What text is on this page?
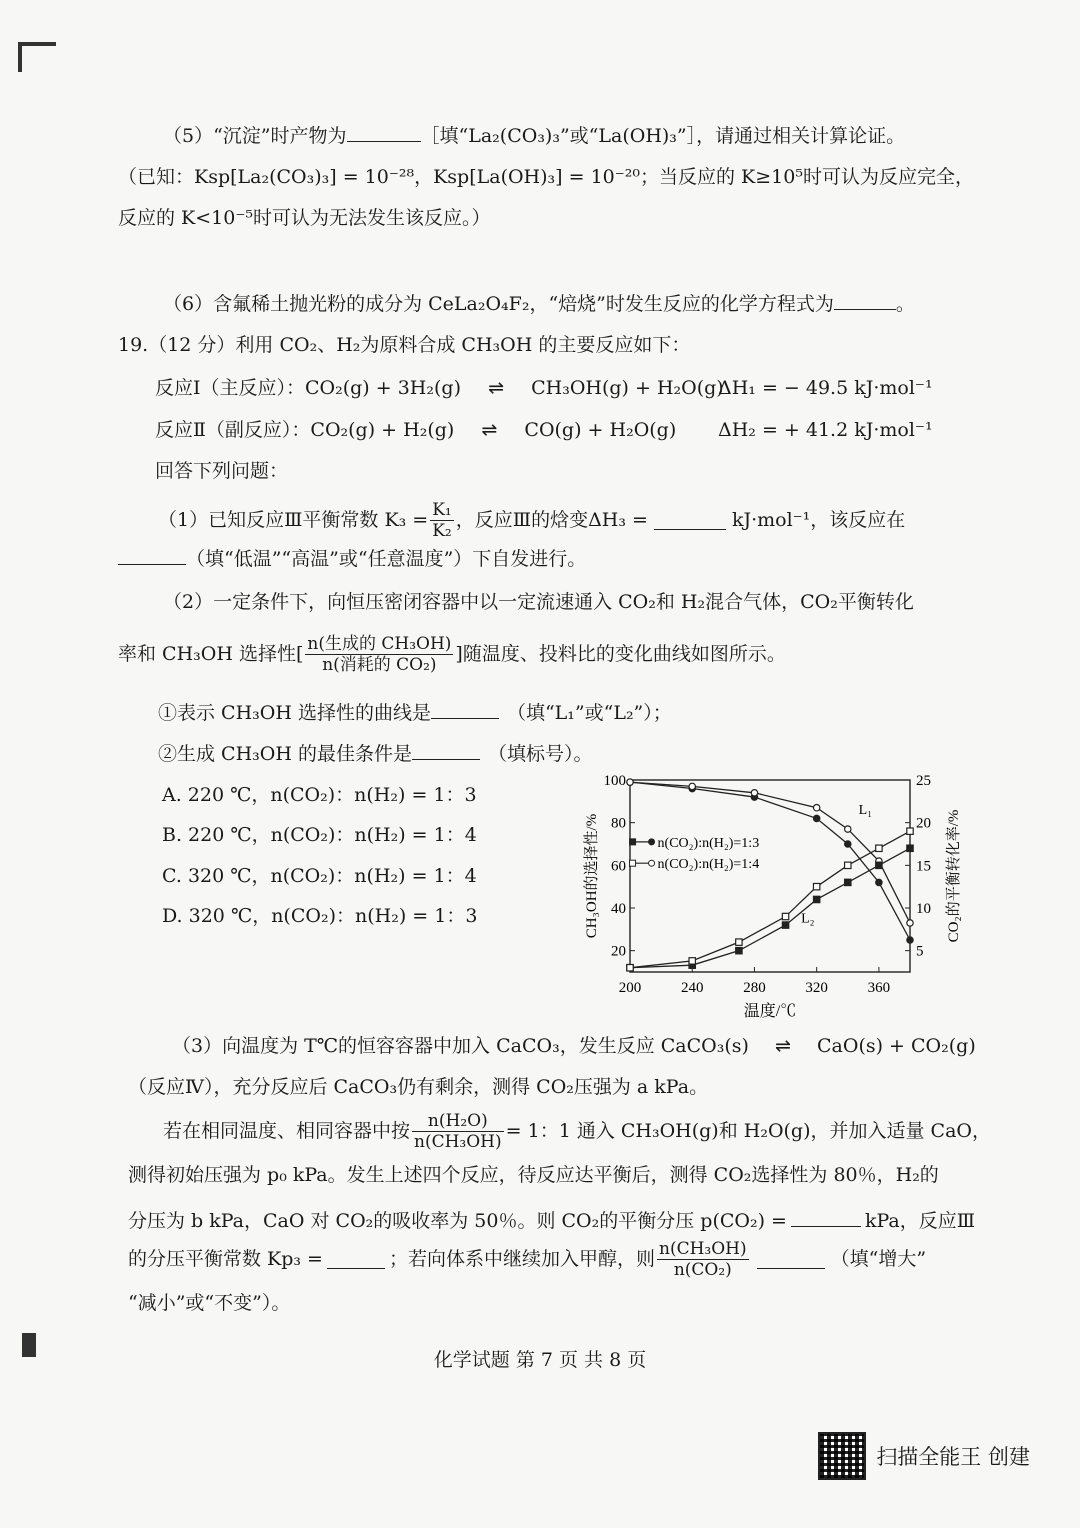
（5）“沉淀”时产物为	［填“La₂(CO₃)₃”或“La(OH)₃”］，请通过相关计算论证。
（已知：Ksp[La₂(CO₃)₃] = 10⁻²⁸，Ksp[La(OH)₃] = 10⁻²⁰；当反应的 K≥10⁵时可认为反应完全，
反应的 K<10⁻⁵时可认为无法发生该反应。）
（6）含氟稀土抛光粉的成分为 CeLa₂O₄F₂，“焙烧”时发生反应的化学方程式为	。
19.（12 分）利用 CO₂、H₂为原料合成 CH₃OH 的主要反应如下：
反应Ⅰ（主反应）：CO₂(g) + 3H₂(g) ⇌ CH₃OH(g) + H₂O(g)
ΔH₁ = − 49.5 kJ·mol⁻¹
反应Ⅱ（副反应）：CO₂(g) + H₂(g) ⇌ CO(g) + H₂O(g) ΔH₂ = + 41.2 kJ·mol⁻¹
回答下列问题：
（1）已知反应Ⅲ平衡常数 $K_3 = \frac{\text{K₁}}{\text{K₂}}$ ，反应Ⅲ的焓变ΔH₃ =	kJ·mol⁻¹，该反应在
（填“低温”“高温”或“任意温度”）下自发进行。
（2）一定条件下，向恒压密闭容器中以一定流速通入 CO₂和 H₂混合气体，CO₂平衡转化
率和 CH₃OH 选择性[ $\frac{\text{n(生成的 CH₃OH)}}{\text{n(消耗的 CO₂)}}$ ]随温度、投料比的变化曲线如图所示。
①表示 CH₃OH 选择性的曲线是	（填“L₁”或“L₂”）；
②生成 CH₃OH 的最佳条件是	（填标号）。
A. 220 ℃，n(CO₂)：n(H₂) = 1：3
B. 220 ℃，n(CO₂)：n(H₂) = 1：4
C. 320 ℃，n(CO₂)：n(H₂) = 1：4
D. 320 ℃，n(CO₂)：n(H₂) = 1：3
200	240	280	320	360
20
40
60
80
100
5
10
15
20
25
温度/℃
CH₃OH的选择性/%	CO₂的平衡转化率/%
L₁
L₂
n(CO₂):n(H₂)=1:3
n(CO₂):n(H₂)=1:4
（3）向温度为 T℃的恒容容器中加入 CaCO₃，发生反应 CaCO₃(s) ⇌ CaO(s) + CO₂(g)
（反应Ⅳ），充分反应后 CaCO₃仍有剩余，测得 CO₂压强为 a kPa。
若在相同温度、相同容器中按 $\frac{\text{n(H₂O)}}{\text{n(CH₃OH)}} = 1$：1 通入 CH₃OH(g)和 H₂O(g)，并加入适量 CaO，
测得初始压强为 p₀ kPa。发生上述四个反应，待反应达平衡后，测得 CO₂选择性为 80％，H₂的
分压为 b kPa，CaO 对 CO₂的吸收率为 50％。则 CO₂的平衡分压 p(CO₂) =	kPa，反应Ⅲ
的分压平衡常数 Kp₃ =	；若向体系中继续加入甲醇，则 $\frac{\text{n(CH₃OH)}}{\text{n(CO₂)}}$	（填“增大”
“减小”或“不变”）。
化学试题 第 7 页 共 8 页
扫描全能王 创建
